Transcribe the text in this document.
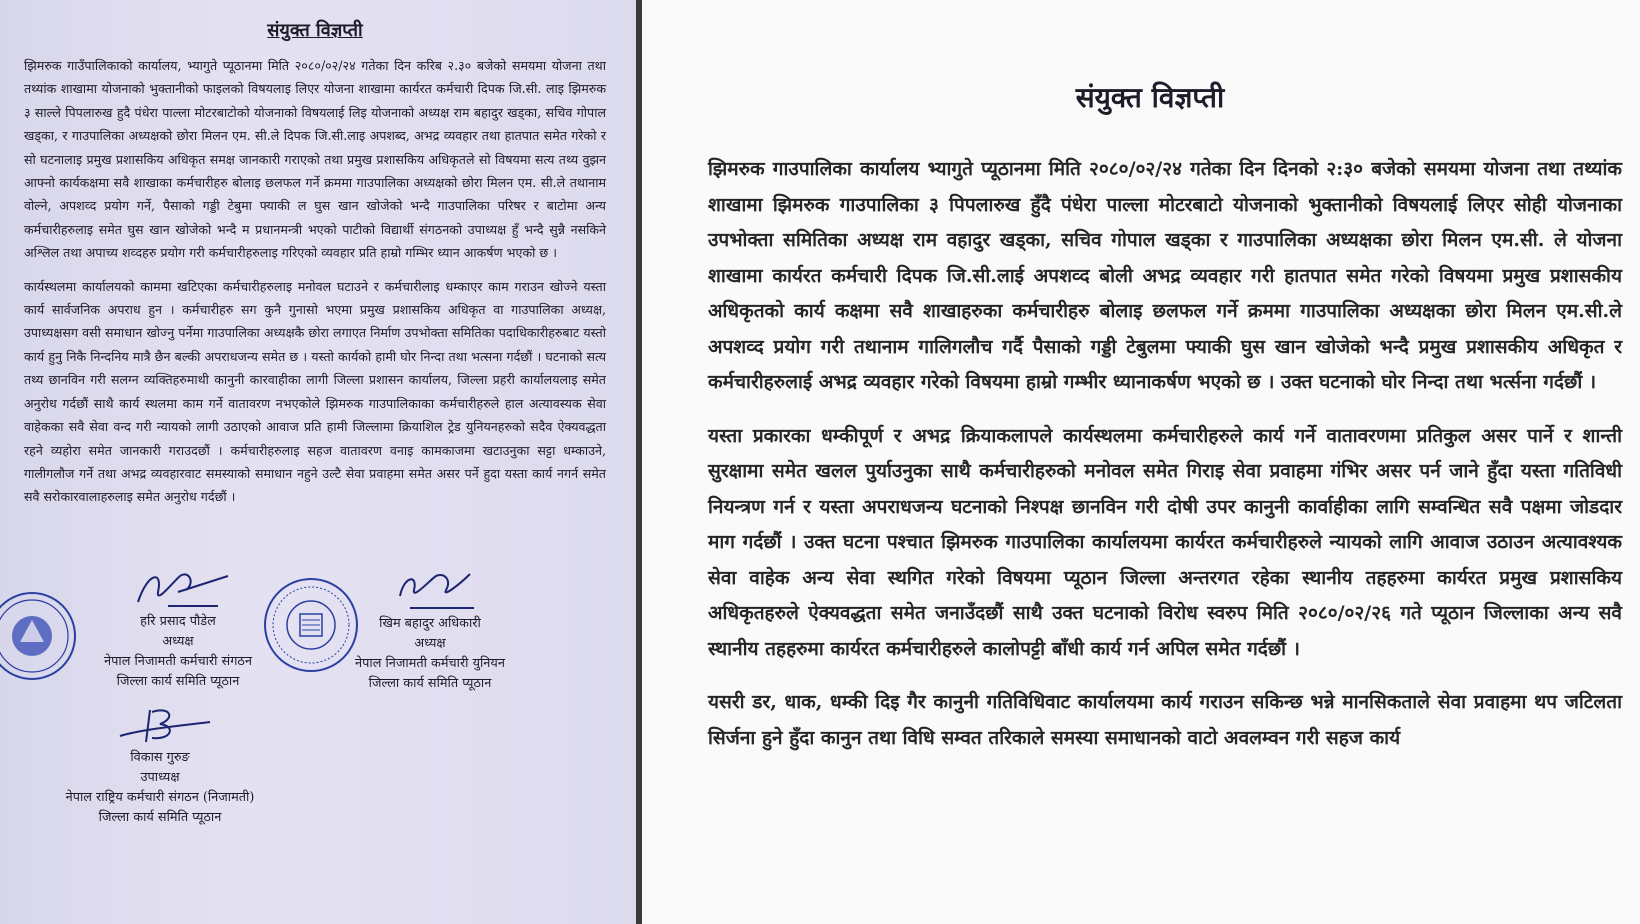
संयुक्त विज्ञप्ती

झिमरुक गाउँपालिकाको कार्यालय, भ्यागुते प्यूठानमा मिति २०८०/०२/२४ गतेका दिन करिब २.३० बजेको समयमा योजना तथा तथ्यांक शाखामा योजनाको भुक्तानीको फाइलको विषयलाइ लिएर योजना शाखामा कार्यरत कर्मचारी दिपक जि.सी. लाइ झिमरुक ३ साल्ले पिपलारुख हुदै पंधेरा पाल्ला मोटरबाटोको योजनाको विषयलाई लिइ योजनाको अध्यक्ष राम बहादुर खड्का, सचिव गोपाल खड्का, र गाउपालिका अध्यक्षको छोरा मिलन एम. सी.ले दिपक जि.सी.लाइ अपशब्द, अभद्र व्यवहार तथा हातपात समेत गरेको र सो घटनालाइ प्रमुख प्रशासकिय अधिकृत समक्ष जानकारी गराएको तथा प्रमुख प्रशासकिय अधिकृतले सो विषयमा सत्य तथ्य वुझन आफ्नो कार्यकक्षमा सवै शाखाका कर्मचारीहरु बोलाइ छलफल गर्ने क्रममा गाउपालिका अध्यक्षको छोरा मिलन एम. सी.ले तथानाम वोल्ने, अपशव्द प्रयोग गर्ने, पैसाको गड्डी टेबुमा फ्याकी ल घुस खान खोजेको भन्दै गाउपालिका परिषर र बाटोमा अन्य कर्मचारीहरुलाइ समेत घुस खान खोजेको भन्दै म प्रधानमन्त्री भएको पाटीको विद्यार्थी संगठनको उपाध्यक्ष हुँ भन्दै सुन्नै नसकिने अश्लिल तथा अपाच्य शव्दहरु प्रयोग गरी कर्मचारीहरुलाइ गरिएको व्यवहार प्रति हाम्रो गम्भिर ध्यान आकर्षण भएको छ ।

कार्यस्थलमा कार्यालयको काममा खटिएका कर्मचारीहरुलाइ मनोवल घटाउने र कर्मचारीलाइ धम्काएर काम गराउन खोज्ने यस्ता कार्य सार्वजनिक अपराध हुन । कर्मचारीहरु सग कुनै गुनासो भएमा प्रमुख प्रशासकिय अधिकृत वा गाउपालिका अध्यक्ष, उपाध्यक्षसग वसी समाधान खोज्नु पर्नेमा गाउपालिका अध्यक्षकै छोरा लगाएत निर्माण उपभोक्ता समितिका पदाधिकारीहरुबाट यस्तो कार्य हुनु निकै निन्दनिय मात्रै छैन बल्की अपराधजन्य समेत छ । यस्तो कार्यको हामी घोर निन्दा तथा भत्सना गर्दछौं । घटनाको सत्य तथ्य छानविन गरी सलग्न व्यक्तिहरुमाथी कानुनी कारवाहीका लागी जिल्ला प्रशासन कार्यालय, जिल्ला प्रहरी कार्यालयलाइ समेत अनुरोध गर्दछौं साथै कार्य स्थलमा काम गर्ने वातावरण नभएकोले झिमरुक गाउपालिकाका कर्मचारीहरुले हाल अत्यावस्यक सेवा वाहेकका सवै सेवा वन्द गरी न्यायको लागी उठाएको आवाज प्रति हामी जिल्लामा क्रियाशिल ट्रेड युनियनहरुको सदैव ऐक्यवद्धता रहने व्यहोरा समेत जानकारी गराउदछौं । कर्मचारीहरुलाइ सहज वातावरण वनाइ कामकाजमा खटाउनुका सट्टा धम्काउने, गालीगलौज गर्ने तथा अभद्र व्यवहारवाट समस्याको समाधान नहुने उल्टै सेवा प्रवाहमा समेत असर पर्ने हुदा यस्ता कार्य नगर्न समेत सवै सरोकारवालाहरुलाइ समेत अनुरोध गर्दछौं ।

हरि प्रसाद पौडेल
अध्यक्ष
नेपाल निजामती कर्मचारी संगठन
जिल्ला कार्य समिति प्यूठान
खिम बहादुर अधिकारी
अध्यक्ष
नेपाल निजामती कर्मचारी युनियन
जिल्ला कार्य समिति प्यूठान
विकास गुरुङ
उपाध्यक्ष
नेपाल राष्ट्रिय कर्मचारी संगठन (निजामती)
जिल्ला कार्य समिति प्यूठान
संयुक्त विज्ञप्ती

झिमरुक गाउपालिका कार्यालय भ्यागुते प्यूठानमा मिति २०८०/०२/२४ गतेका दिन दिनको २:३० बजेको समयमा योजना तथा तथ्यांक शाखामा झिमरुक गाउपालिका ३ पिपलारुख हुँदै पंधेरा पाल्ला मोटरबाटो योजनाको भुक्तानीको विषयलाई लिएर सोही योजनाका उपभोक्ता समितिका अध्यक्ष राम वहादुर खड्का, सचिव गोपाल खड्का र गाउपालिका अध्यक्षका छोरा मिलन एम.सी. ले योजना शाखामा कार्यरत कर्मचारी दिपक जि.सी.लाई अपशव्द बोली अभद्र व्यवहार गरी हातपात समेत गरेको विषयमा प्रमुख प्रशासकीय अधिकृतको कार्य कक्षमा सवै शाखाहरुका कर्मचारीहरु बोलाइ छलफल गर्ने क्रममा गाउपालिका अध्यक्षका छोरा मिलन एम.सी.ले अपशव्द प्रयोग गरी तथानाम गालिगलौच गर्दै पैसाको गड्डी टेबुलमा फ्याकी घुस खान खोजेको भन्दै प्रमुख प्रशासकीय अधिकृत र कर्मचारीहरुलाई अभद्र व्यवहार गरेको विषयमा हाम्रो गम्भीर ध्यानाकर्षण भएको छ । उक्त घटनाको घोर निन्दा तथा भर्त्सना गर्दछौं ।

यस्ता प्रकारका धम्कीपूर्ण र अभद्र क्रियाकलापले कार्यस्थलमा कर्मचारीहरुले कार्य गर्ने वातावरणमा प्रतिकुल असर पार्ने र शान्ती सुरक्षामा समेत खलल पुर्याउनुका साथै कर्मचारीहरुको मनोवल समेत गिराइ सेवा प्रवाहमा गंभिर असर पर्न जाने हुँदा यस्ता गतिविधी नियन्त्रण गर्न र यस्ता अपराधजन्य घटनाको निश्पक्ष छानविन गरी दोषी उपर कानुनी कार्वाहीका लागि सम्वन्धित सवै पक्षमा जोडदार माग गर्दछौं । उक्त घटना पश्चात झिमरुक गाउपालिका कार्यालयमा कार्यरत कर्मचारीहरुले न्यायको लागि आवाज उठाउन अत्यावश्यक सेवा वाहेक अन्य सेवा स्थगित गरेको विषयमा प्यूठान जिल्ला अन्तरगत रहेका स्थानीय तहहरुमा कार्यरत प्रमुख प्रशासकिय अधिकृतहरुले ऐक्यवद्धता समेत जनाउँदछौं साथै उक्त घटनाको विरोध स्वरुप मिति २०८०/०२/२६ गते प्यूठान जिल्लाका अन्य सवै स्थानीय तहहरुमा कार्यरत कर्मचारीहरुले कालोपट्टी बाँधी कार्य गर्न अपिल समेत गर्दछौं ।

यसरी डर, धाक, धम्की दिइ गैर कानुनी गतिविधिवाट कार्यालयमा कार्य गराउन सकिन्छ भन्ने मानसिकताले सेवा प्रवाहमा थप जटिलता सिर्जना हुने हुँदा कानुन तथा विधि सम्वत तरिकाले समस्या समाधानको वाटो अवलम्वन गरी सहज कार्य
